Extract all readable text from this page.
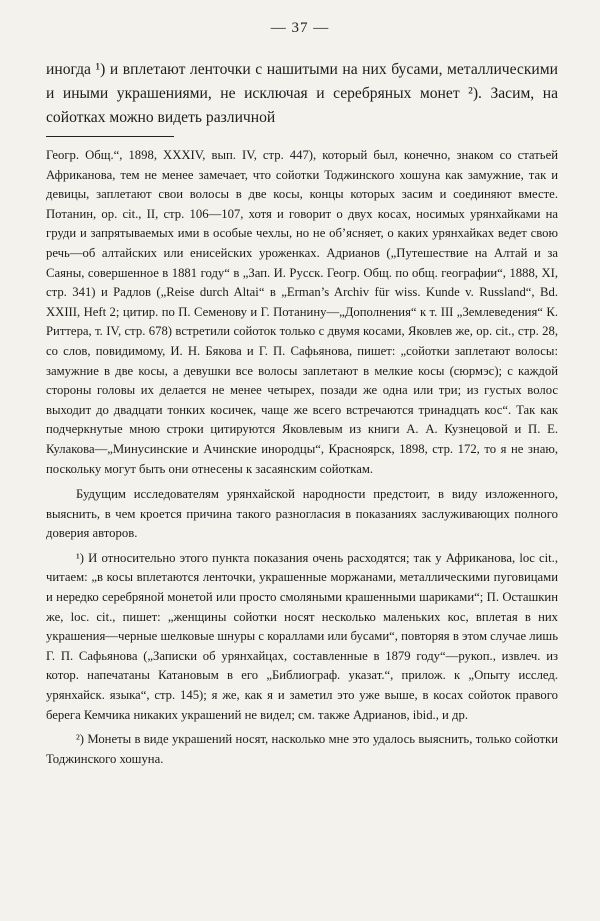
— 37 —
иногда ¹) и вплетают ленточки с нашитыми на них бусами, металлическими и иными украшениями, не исключая и серебряных монет ²). Засим, на сойотках можно видеть различной

Геогр. Общ.“, 1898, XXXIV, вып. IV, стр. 447), который был, конечно, знаком со статьей Африканова, тем не менее замечает, что сойотки Тоджинского хошуна как замужние, так и девицы, заплетают свои волосы в две косы, концы которых засим и соединяют вместе. Потанин, ор. cit., II, стр. 106—107, хотя и говорит о двух косах, носимых урянхайками на груди и запрятываемых ими в особые чехлы, но не об’ясняет, о каких урянхайках ведет свою речь—об алтайских или енисейских уроженках. Адрианов („Путешествие на Алтай и за Саяны, совершенное в 1881 году“ в „Зап. И. Русск. Геогр. Общ. по общ. географии“, 1888, XI, стр. 341) и Радлов („Reise durch Altai“ в „Erman’s Archiv für wiss. Kunde v. Russland“, Bd. XXIII, Heft 2; цитир. по П. Семенову и Г. Потанину—„Дополнения“ к т. III „Землеведения“ К. Риттера, т. IV, стр. 678) встретили сойоток только с двумя косами, Яковлев же, ор. cit., стр. 28, со слов, повидимому, И. Н. Бякова и Г. П. Сафьянова, пишет: „сойотки заплетают волосы: замужние в две косы, а девушки все волосы заплетают в мелкие косы (сюрмэс); с каждой стороны головы их делается не менее четырех, позади же одна или три; из густых волос выходит до двадцати тонких косичек, чаще же всего встречаются тринадцать кос“. Так как подчеркнутые мною строки цитируются Яковлевым из книги А. А. Кузнецовой и П. Е. Кулакова—„Минусинские и Ачинские инородцы“, Красноярск, 1898, стр. 172, то я не знаю, поскольку могут быть они отнесены к засаянским сойоткам.

Будущим исследователям урянхайской народности предстоит, в виду изложенного, выяснить, в чем кроется причина такого разногласия в показаниях заслуживающих полного доверия авторов.

¹) И относительно этого пункта показания очень расходятся; так у Африканова, loc cit., читаем: „в косы вплетаются ленточки, украшенные моржанами, металлическими пуговицами и нередко серебряной монетой или просто смоляными крашенными шариками“; П. Осташкин же, loc. cit., пишет: „женщины сойотки носят несколько маленьких кос, вплетая в них украшения—черные шелковые шнуры с кораллами или бусами“, повторяя в этом случае лишь Г. П. Сафьянова („Записки об урянхайцах, составленные в 1879 году“—рукоп., извлеч. из котор. напечатаны Катановым в его „Библиограф. указат.“, прилож. к „Опыту исслед. урянхайск. языка“, стр. 145); я же, как я и заметил это уже выше, в косах сойоток правого берега Кемчика никаких украшений не видел; см. также Адрианов, ibid., и др.

²) Монеты в виде украшений носят, насколько мне это удалось выяснить, только сойотки Тоджинского хошуна.
